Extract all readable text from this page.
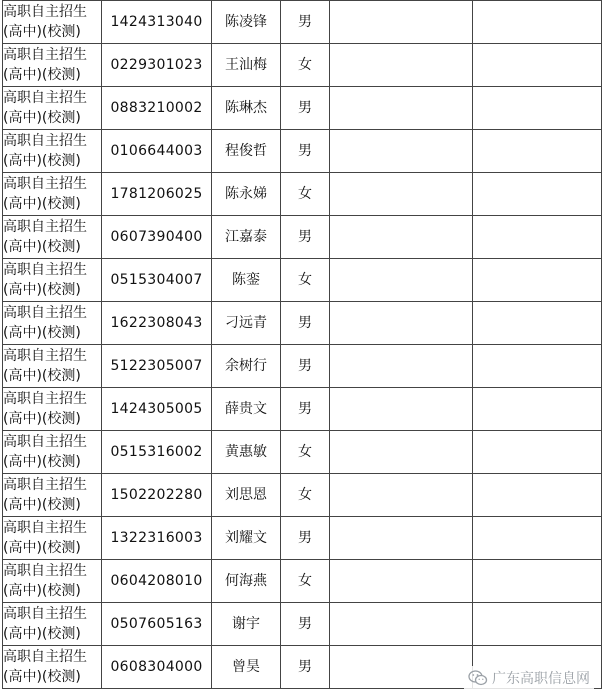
高职自主招生
(高中)(校测)	1424313040	陈凌锋	男		

高职自主招生
(高中)(校测)	0229301023	王汕梅	女		

高职自主招生
(高中)(校测)	0883210002	陈琳杰	男		

高职自主招生
(高中)(校测)	0106644003	程俊哲	男		

高职自主招生
(高中)(校测)	1781206025	陈永娣	女		

高职自主招生
(高中)(校测)	0607390400	江嘉泰	男		

高职自主招生
(高中)(校测)	0515304007	陈銮	女		

高职自主招生
(高中)(校测)	1622308043	刁远青	男		

高职自主招生
(高中)(校测)	5122305007	余树行	男		

高职自主招生
(高中)(校测)	1424305005	薛贵文	男		

高职自主招生
(高中)(校测)	0515316002	黄惠敏	女		

高职自主招生
(高中)(校测)	1502202280	刘思恩	女		

高职自主招生
(高中)(校测)	1322316003	刘耀文	男		

高职自主招生
(高中)(校测)	0604208010	何海燕	女		

高职自主招生
(高中)(校测)	0507605163	谢宇	男		

高职自主招生
(高中)(校测)	0608304000	曾昊	男		
广东高职信息网
